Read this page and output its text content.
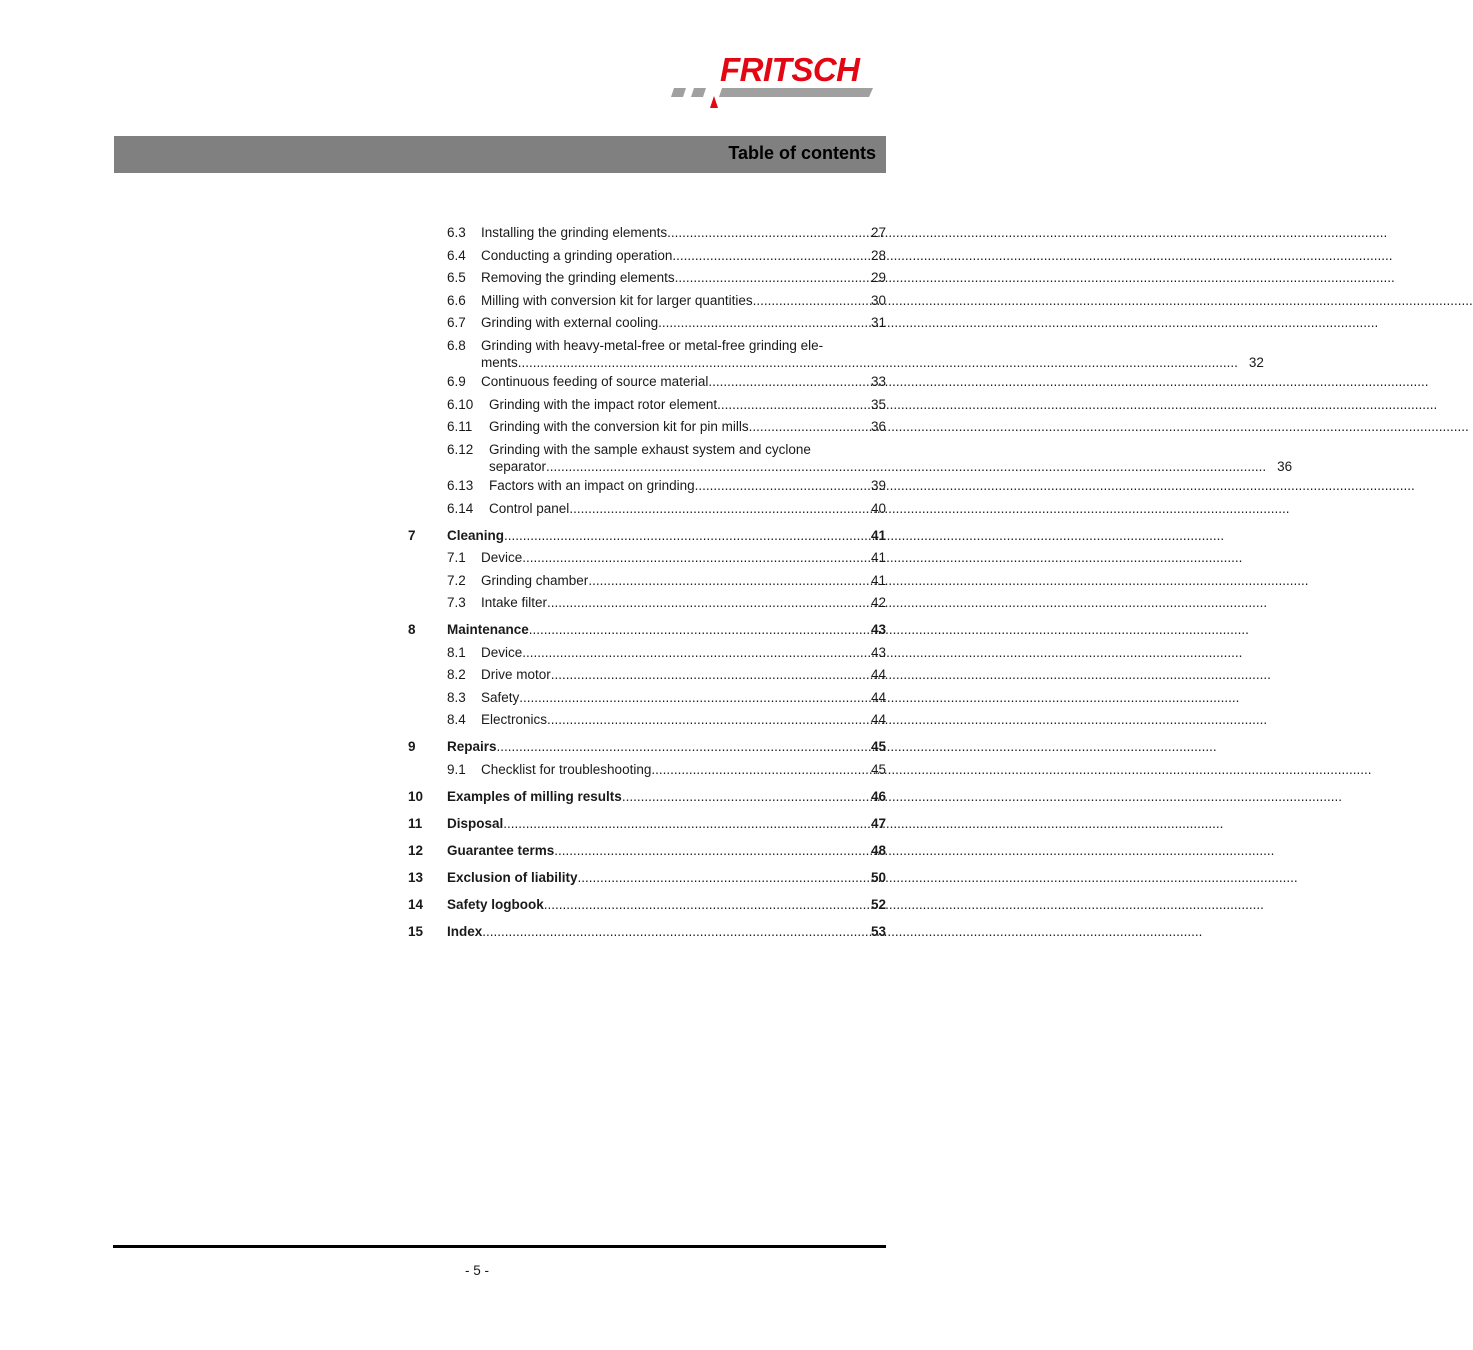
FRITSCH
Table of contents
6.3	Installing the grinding elements .....	27
6.4	Conducting a grinding operation .....	28
6.5	Removing the grinding elements .....	29
6.6	Milling with conversion kit for larger quantities .....	30
6.7	Grinding with external cooling .....	31
6.8	Grinding with heavy-metal-free or metal-free grinding ele-
ments .....	32
6.9	Continuous feeding of source material .....	33
6.10	Grinding with the impact rotor element .....	35
6.11	Grinding with the conversion kit for pin mills .....	36
6.12	Grinding with the sample exhaust system and cyclone
separator .....	36
6.13	Factors with an impact on grinding .....	39
6.14	Control panel .....	40
7	Cleaning .....	41
7.1	Device .....	41
7.2	Grinding chamber .....	41
7.3	Intake filter .....	42
8	Maintenance .....	43
8.1	Device .....	43
8.2	Drive motor .....	44
8.3	Safety .....	44
8.4	Electronics .....	44
9	Repairs .....	45
9.1	Checklist for troubleshooting .....	45
10	Examples of milling results .....	46
11	Disposal .....	47
12	Guarantee terms .....	48
13	Exclusion of liability .....	50
14	Safety logbook .....	52
15	Index .....	53
- 5 -
